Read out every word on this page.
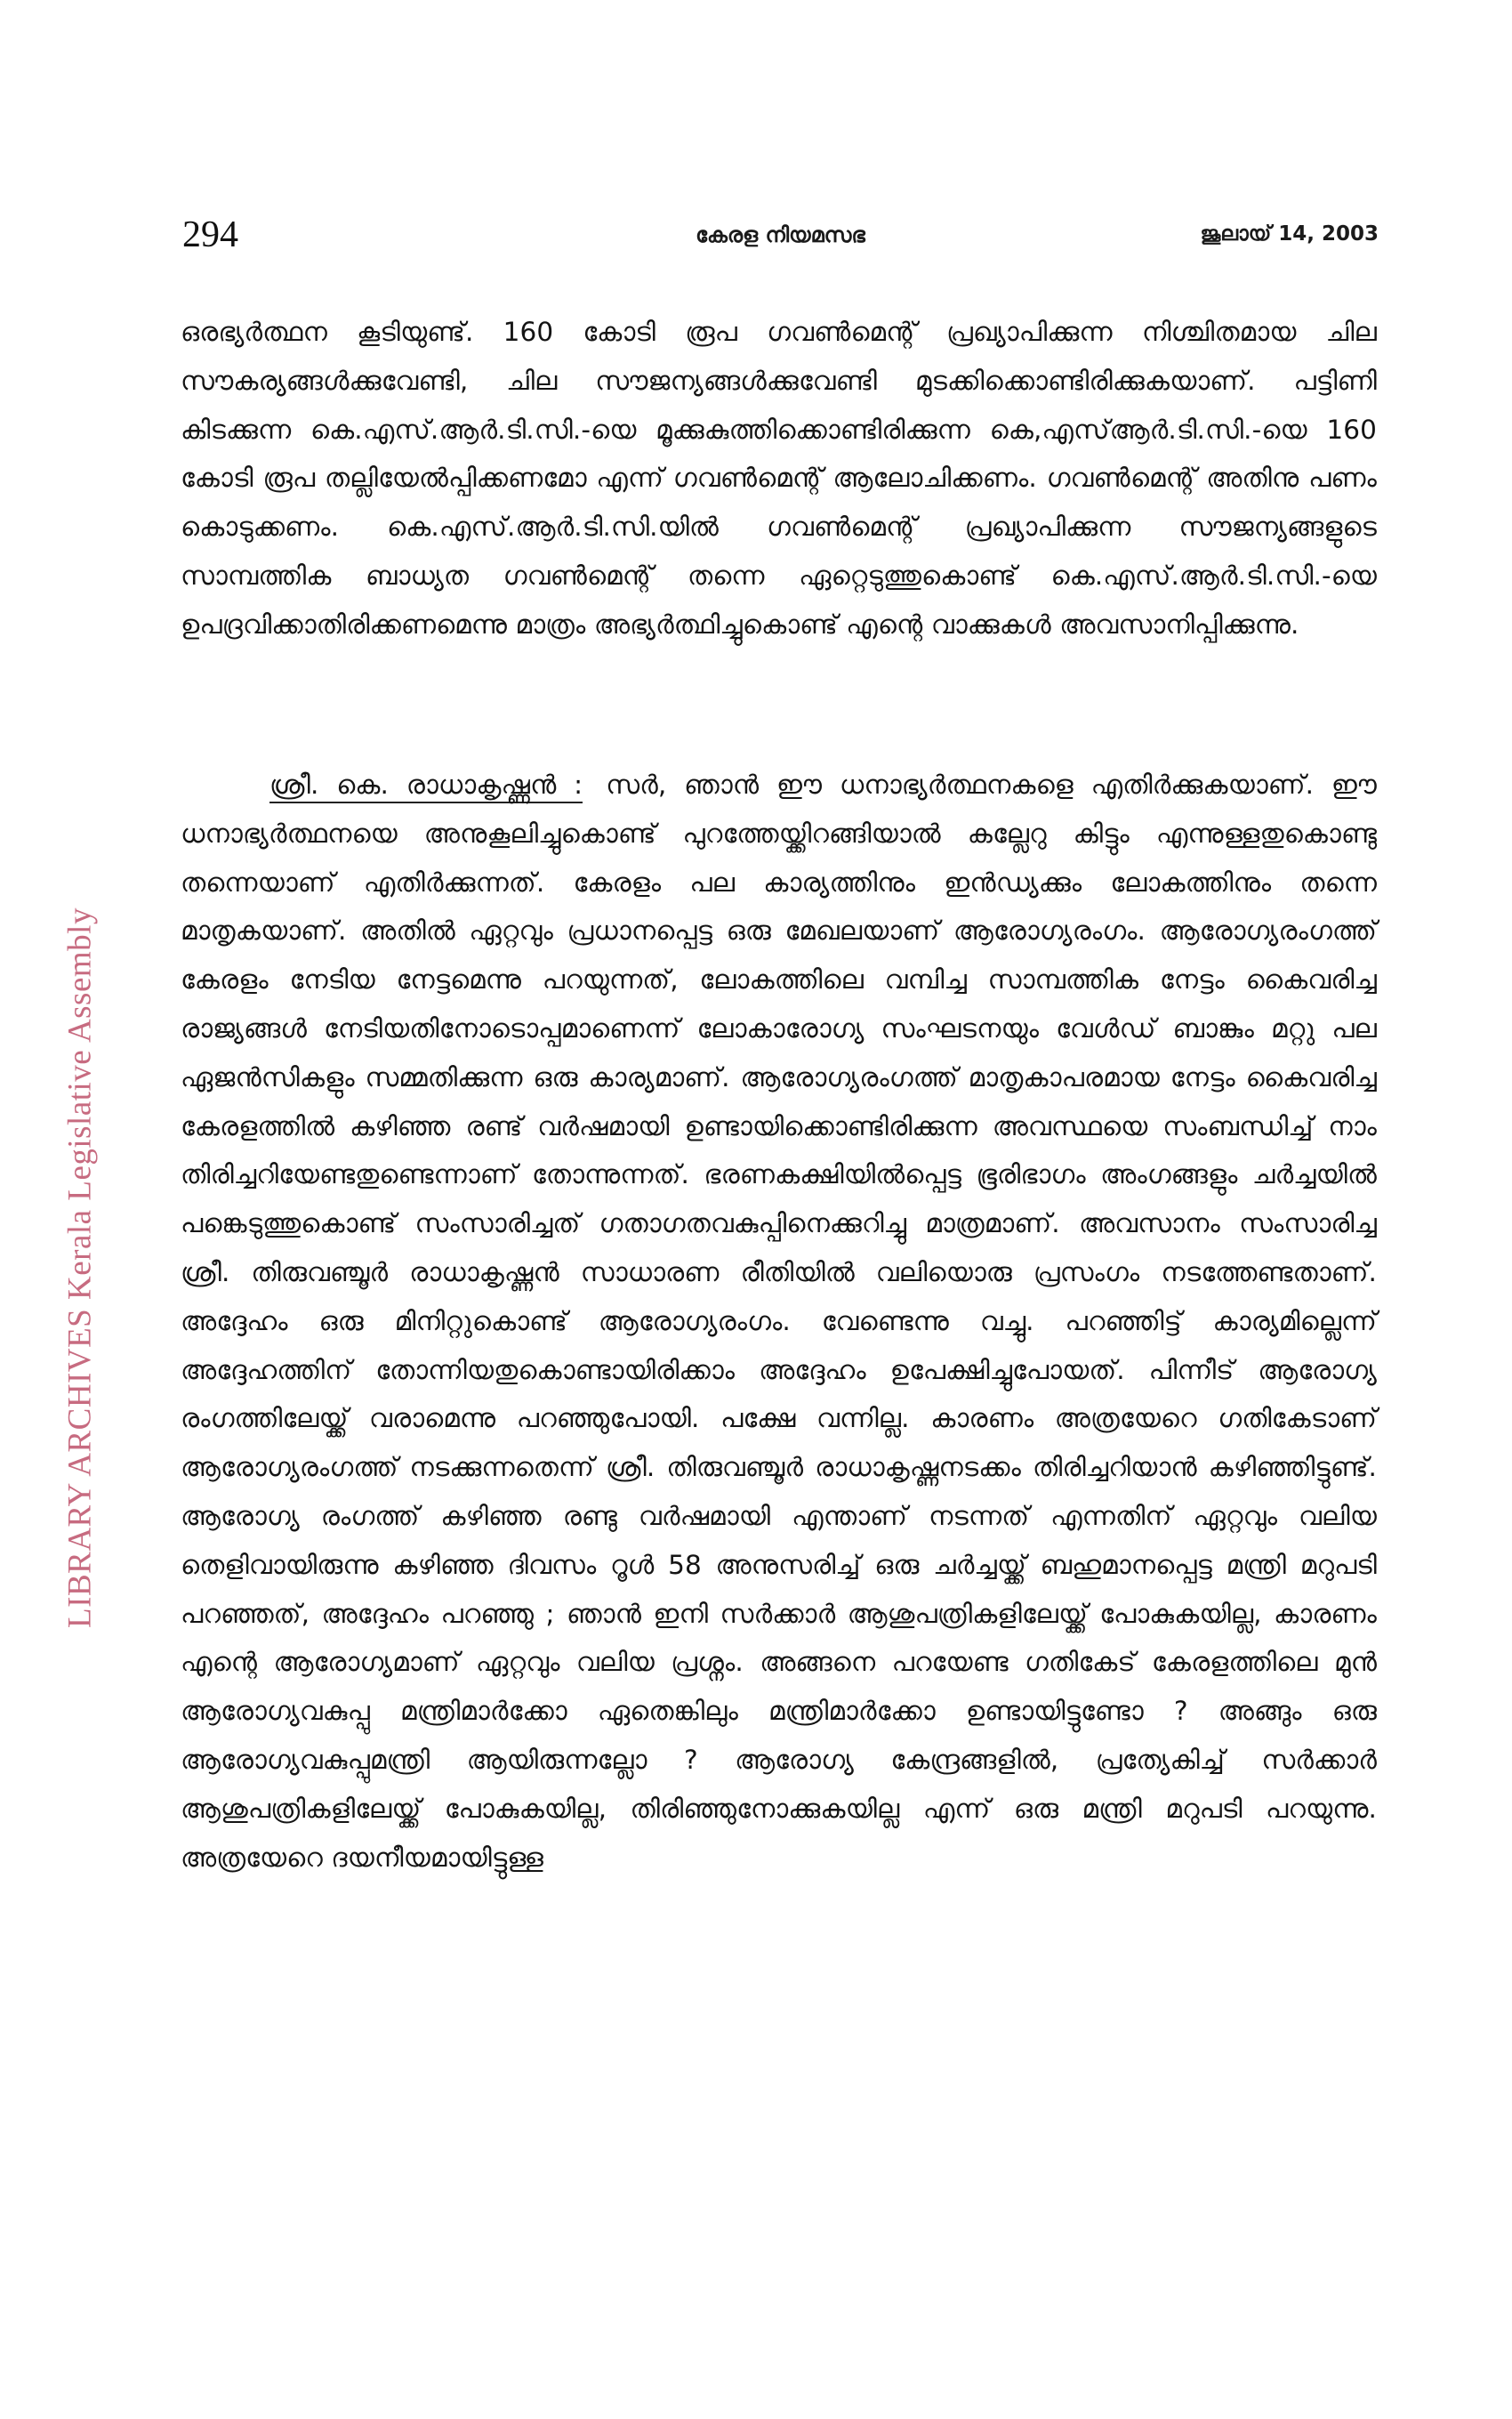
LIBRARY ARCHIVES Kerala Legislative Assembly
294	കേരള നിയമസഭ	ജൂലായ് 14, 2003
ഒരഭ്യർത്ഥന കൂടിയുണ്ട്. 160 കോടി രൂപ ഗവൺമെന്റ് പ്രഖ്യാപിക്കുന്ന നിശ്ചിതമായ ചില സൗകര്യങ്ങൾക്കുവേണ്ടി, ചില സൗജന്യങ്ങൾക്കുവേണ്ടി മുടക്കിക്കൊണ്ടിരിക്കുകയാണ്. പട്ടിണി കിടക്കുന്ന കെ.എസ്.ആർ.ടി.സി.-യെ മൂക്കുകുത്തിക്കൊണ്ടിരിക്കുന്ന കെ,എസ്ആർ.ടി.സി.-യെ 160 കോടി രൂപ തല്ലിയേൽപ്പിക്കണമോ എന്ന് ഗവൺമെന്റ് ആലോചിക്കണം. ഗവൺമെന്റ് അതിനു പണം കൊടുക്കണം. കെ.എസ്.ആർ.ടി.സി.യിൽ ഗവൺമെന്റ് പ്രഖ്യാപിക്കുന്ന സൗജന്യങ്ങളുടെ സാമ്പത്തിക ബാധ്യത ഗവൺമെന്റ് തന്നെ ഏറ്റെടുത്തുകൊണ്ട് കെ.എസ്.ആർ.ടി.സി.-യെ ഉപദ്രവിക്കാതിരിക്കണമെന്നു മാത്രം അഭ്യർത്ഥിച്ചുകൊണ്ട് എന്റെ വാക്കുകൾ അവസാനിപ്പിക്കുന്നു.
ശ്രീ. കെ. രാധാകൃഷ്ണൻ : സർ, ഞാൻ ഈ ധനാഭ്യർത്ഥനകളെ എതിർക്കുകയാണ്. ഈ ധനാഭ്യർത്ഥനയെ അനുകൂലിച്ചുകൊണ്ട് പുറത്തേയ്ക്കിറങ്ങിയാൽ കല്ലേറു കിട്ടും എന്നുള്ളതുകൊണ്ടു തന്നെയാണ് എതിർക്കുന്നത്. കേരളം പല കാര്യത്തിനും ഇൻഡ്യക്കും ലോകത്തിനും തന്നെ മാതൃകയാണ്. അതിൽ ഏറ്റവും പ്രധാനപ്പെട്ട ഒരു മേഖലയാണ് ആരോഗ്യരംഗം. ആരോഗ്യരംഗത്ത് കേരളം നേടിയ നേട്ടമെന്നു പറയുന്നത്, ലോകത്തിലെ വമ്പിച്ച സാമ്പത്തിക നേട്ടം കൈവരിച്ച രാജ്യങ്ങൾ നേടിയതിനോടൊപ്പമാണെന്ന് ലോകാരോഗ്യ സംഘടനയും വേൾഡ് ബാങ്കും മറ്റു പല ഏജൻസികളും സമ്മതിക്കുന്ന ഒരു കാര്യമാണ്. ആരോഗ്യരംഗത്ത് മാതൃകാപരമായ നേട്ടം കൈവരിച്ച കേരളത്തിൽ കഴിഞ്ഞ രണ്ട് വർഷമായി ഉണ്ടായിക്കൊണ്ടിരിക്കുന്ന അവസ്ഥയെ സംബന്ധിച്ച് നാം തിരിച്ചറിയേണ്ടതുണ്ടെന്നാണ് തോന്നുന്നത്. ഭരണകക്ഷിയിൽപ്പെട്ട ഭൂരിഭാഗം അംഗങ്ങളും ചർച്ചയിൽ പങ്കെടുത്തുകൊണ്ട് സംസാരിച്ചത് ഗതാഗതവകുപ്പിനെക്കുറിച്ചു മാത്രമാണ്. അവസാനം സംസാരിച്ച ശ്രീ. തിരുവഞ്ചൂർ രാധാകൃഷ്ണൻ സാധാരണ രീതിയിൽ വലിയൊരു പ്രസംഗം നടത്തേണ്ടതാണ്. അദ്ദേഹം ഒരു മിനിറ്റുകൊണ്ട് ആരോഗ്യരംഗം. വേണ്ടെന്നു വച്ചു. പറഞ്ഞിട്ട് കാര്യമില്ലെന്ന് അദ്ദേഹത്തിന് തോന്നിയതുകൊണ്ടായിരിക്കാം അദ്ദേഹം ഉപേക്ഷിച്ചുപോയത്. പിന്നീട് ആരോഗ്യ രംഗത്തിലേയ്ക്ക് വരാമെന്നു പറഞ്ഞുപോയി. പക്ഷേ വന്നില്ല. കാരണം അത്രയേറെ ഗതികേടാണ് ആരോഗ്യരംഗത്ത് നടക്കുന്നതെന്ന് ശ്രീ. തിരുവഞ്ചൂർ രാധാകൃഷ്ണനടക്കം തിരിച്ചറിയാൻ കഴിഞ്ഞിട്ടുണ്ട്. ആരോഗ്യ രംഗത്ത് കഴിഞ്ഞ രണ്ടു വർഷമായി എന്താണ് നടന്നത് എന്നതിന് ഏറ്റവും വലിയ തെളിവായിരുന്നു കഴിഞ്ഞ ദിവസം റൂൾ 58 അനുസരിച്ച് ഒരു ചർച്ചയ്ക്ക് ബഹുമാനപ്പെട്ട മന്ത്രി മറുപടി പറഞ്ഞത്, അദ്ദേഹം പറഞ്ഞു ; ഞാൻ ഇനി സർക്കാർ ആശുപത്രികളിലേയ്ക്ക് പോകുകയില്ല, കാരണം എന്റെ ആരോഗ്യമാണ് ഏറ്റവും വലിയ പ്രശ്നം. അങ്ങനെ പറയേണ്ട ഗതികേട് കേരളത്തിലെ മുൻ ആരോഗ്യവകുപ്പു മന്ത്രിമാർക്കോ ഏതെങ്കിലും മന്ത്രിമാർക്കോ ഉണ്ടായിട്ടുണ്ടോ ? അങ്ങും ഒരു ആരോഗ്യവകുപ്പുമന്ത്രി ആയിരുന്നല്ലോ ? ആരോഗ്യ കേന്ദ്രങ്ങളിൽ, പ്രത്യേകിച്ച് സർക്കാർ ആശുപത്രികളിലേയ്ക്ക് പോകുകയില്ല, തിരിഞ്ഞുനോക്കുകയില്ല എന്ന് ഒരു മന്ത്രി മറുപടി പറയുന്നു. അത്രയേറെ ദയനീയമായിട്ടുള്ള
